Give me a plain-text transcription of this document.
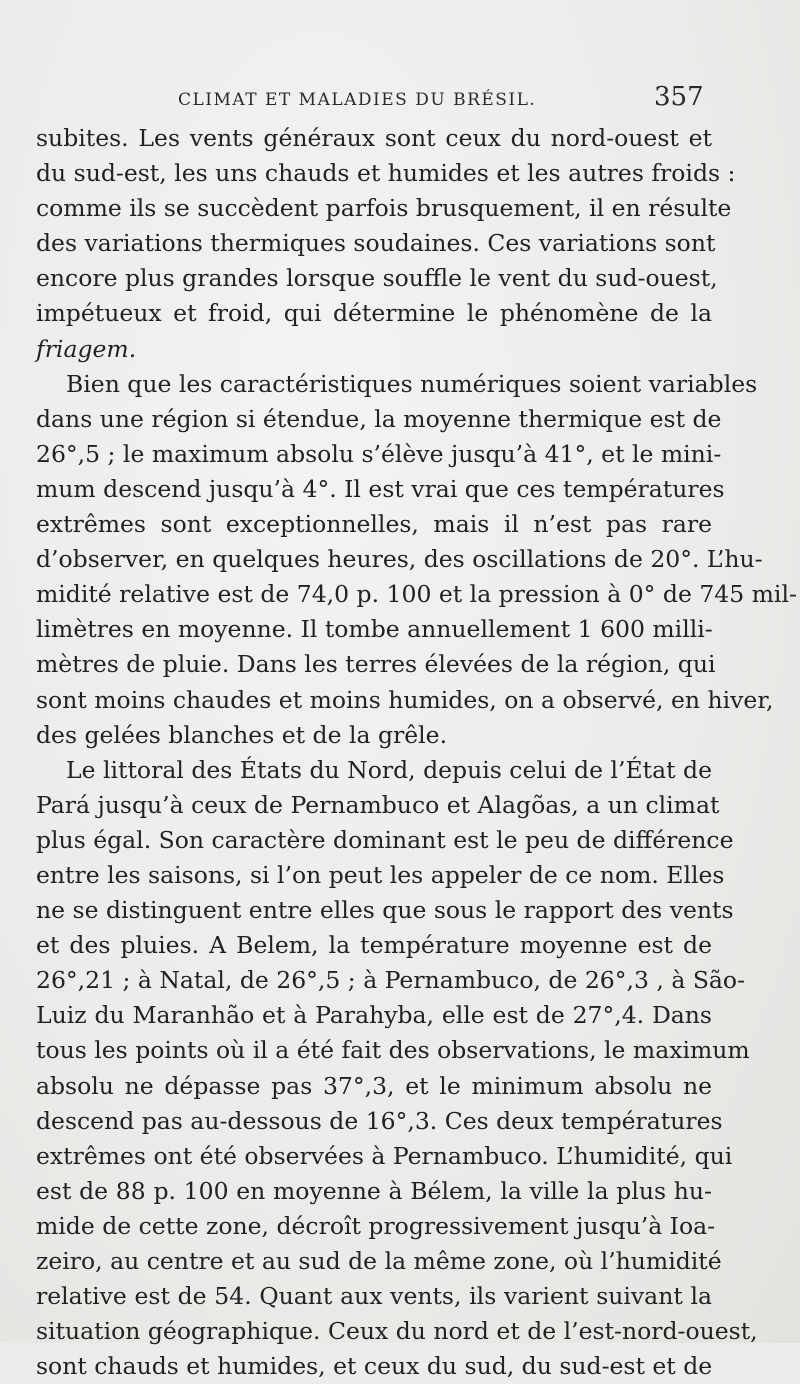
CLIMAT ET MALADIES DU BRÉSIL.	357
subites. Les vents généraux sont ceux du nord-ouest et
du sud-est, les uns chauds et humides et les autres froids :
comme ils se succèdent parfois brusquement, il en résulte
des variations thermiques soudaines. Ces variations sont
encore plus grandes lorsque souffle le vent du sud-ouest,
impétueux et froid, qui détermine le phénomène de la
friagem.
Bien que les caractéristiques numériques soient variables
dans une région si étendue, la moyenne thermique est de
26°,5 ; le maximum absolu s’élève jusqu’à 41°, et le mini-
mum descend jusqu’à 4°. Il est vrai que ces températures
extrêmes sont exceptionnelles, mais il n’est pas rare
d’observer, en quelques heures, des oscillations de 20°. L’hu-
midité relative est de 74,0 p. 100 et la pression à 0° de 745 mil-
limètres en moyenne. Il tombe annuellement 1 600 milli-
mètres de pluie. Dans les terres élevées de la région, qui
sont moins chaudes et moins humides, on a observé, en hiver,
des gelées blanches et de la grêle.
Le littoral des États du Nord, depuis celui de l’État de
Pará jusqu’à ceux de Pernambuco et Alagõas, a un climat
plus égal. Son caractère dominant est le peu de différence
entre les saisons, si l’on peut les appeler de ce nom. Elles
ne se distinguent entre elles que sous le rapport des vents
et des pluies. A Belem, la température moyenne est de
26°,21 ; à Natal, de 26°,5 ; à Pernambuco, de 26°,3 , à São-
Luiz du Maranhão et à Parahyba, elle est de 27°,4. Dans
tous les points où il a été fait des observations, le maximum
absolu ne dépasse pas 37°,3, et le minimum absolu ne
descend pas au-dessous de 16°,3. Ces deux températures
extrêmes ont été observées à Pernambuco. L’humidité, qui
est de 88 p. 100 en moyenne à Bélem, la ville la plus hu-
mide de cette zone, décroît progressivement jusqu’à Ioa-
zeiro, au centre et au sud de la même zone, où l’humidité
relative est de 54. Quant aux vents, ils varient suivant la
situation géographique. Ceux du nord et de l’est-nord-ouest,
sont chauds et humides, et ceux du sud, du sud-est et de
